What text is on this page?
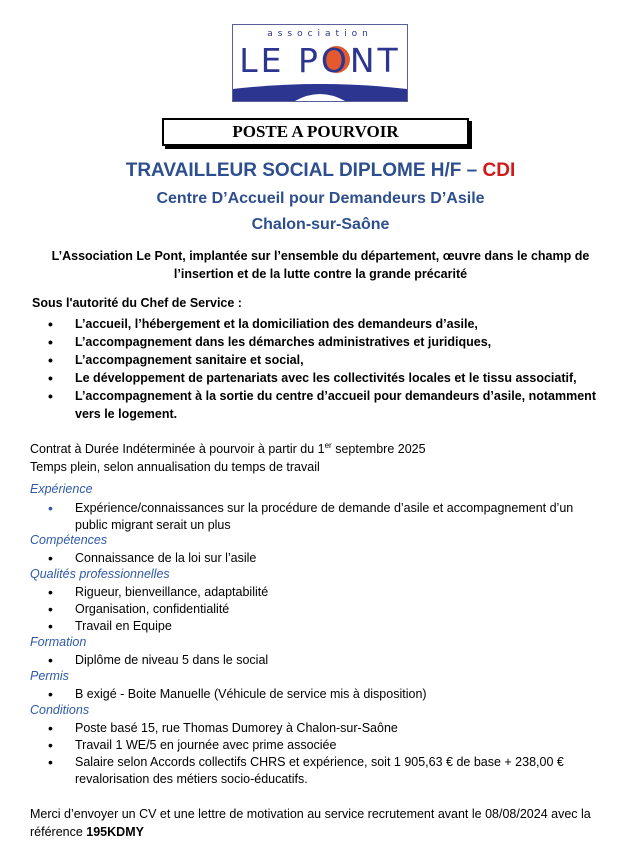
association
LE PONT
POSTE A POURVOIR
TRAVAILLEUR SOCIAL DIPLOME H/F – CDI
Centre D’Accueil pour Demandeurs D’Asile
Chalon-sur-Saône
L’Association Le Pont, implantée sur l’ensemble du département, œuvre dans le champ de l’insertion et de la lutte contre la grande précarité
Sous l'autorité du Chef de Service :
• L’accueil, l’hébergement et la domiciliation des demandeurs d’asile,
• L’accompagnement dans les démarches administratives et juridiques,
• L’accompagnement sanitaire et social,
• Le développement de partenariats avec les collectivités locales et le tissu associatif,
• L’accompagnement à la sortie du centre d’accueil pour demandeurs d’asile, notamment vers le logement.
Contrat à Durée Indéterminée à pourvoir à partir du 1er septembre 2025
Temps plein, selon annualisation du temps de travail
Expérience
• Expérience/connaissances sur la procédure de demande d’asile et accompagnement d’un public migrant serait un plus
Compétences
• Connaissance de la loi sur l’asile
Qualités professionnelles
• Rigueur, bienveillance, adaptabilité
• Organisation, confidentialité
• Travail en Equipe
Formation
• Diplôme de niveau 5 dans le social
Permis
• B exigé - Boite Manuelle (Véhicule de service mis à disposition)
Conditions
• Poste basé 15, rue Thomas Dumorey à Chalon-sur-Saône
• Travail 1 WE/5 en journée avec prime associée
• Salaire selon Accords collectifs CHRS et expérience, soit 1 905,63 € de base + 238,00 € revalorisation des métiers socio-éducatifs.
Merci d’envoyer un CV et une lettre de motivation au service recrutement avant le 08/08/2024 avec la référence 195KDMY
